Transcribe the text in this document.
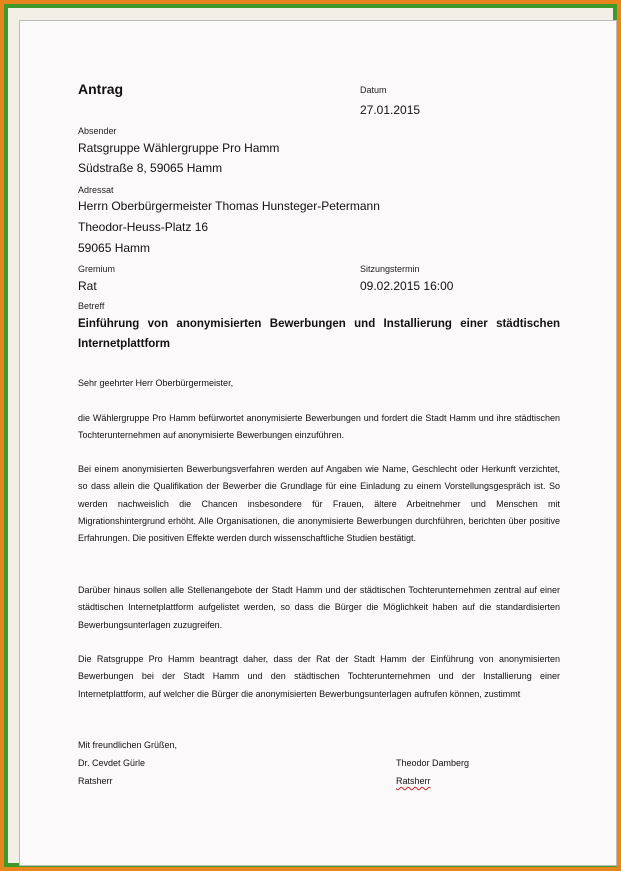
Antrag	Datum
27.01.2015
Absender
Ratsgruppe Wählergruppe Pro Hamm
Südstraße 8, 59065 Hamm
Adressat
Herrn Oberbürgermeister Thomas Hunsteger-Petermann
Theodor-Heuss-Platz 16
59065 Hamm
Gremium
Rat
Sitzungstermin
09.02.2015 16:00
Betreff
Einführung von anonymisierten Bewerbungen und Installierung einer städtischen Internetplattform
Sehr geehrter Herr Oberbürgermeister,
die Wählergruppe Pro Hamm befürwortet anonymisierte Bewerbungen und fordert die Stadt Hamm und ihre städtischen Tochterunternehmen auf anonymisierte Bewerbungen einzuführen.
Bei einem anonymisierten Bewerbungsverfahren werden auf Angaben wie Name, Geschlecht oder Herkunft verzichtet, so dass allein die Qualifikation der Bewerber die Grundlage für eine Einladung zu einem Vorstellungsgespräch ist. So werden nachweislich die Chancen insbesondere für Frauen, ältere Arbeitnehmer und Menschen mit Migrationshintergrund erhöht. Alle Organisationen, die anonymisierte Bewerbungen durchführen, berichten über positive Erfahrungen. Die positiven Effekte werden durch wissenschaftliche Studien bestätigt.
Darüber hinaus sollen alle Stellenangebote der Stadt Hamm und der städtischen Tochterunternehmen zentral auf einer städtischen Internetplattform aufgelistet werden, so dass die Bürger die Möglichkeit haben auf die standardisierten Bewerbungsunterlagen zuzugreifen.
Die Ratsgruppe Pro Hamm beantragt daher, dass der Rat der Stadt Hamm der Einführung von anonymisierten Bewerbungen bei der Stadt Hamm und den städtischen Tochterunternehmen und der Installierung einer Internetplattform, auf welcher die Bürger die anonymisierten Bewerbungsunterlagen aufrufen können, zustimmt
Mit freundlichen Grüßen,
Dr. Cevdet Gürle
Ratsherr
Theodor Damberg
Ratsherr
